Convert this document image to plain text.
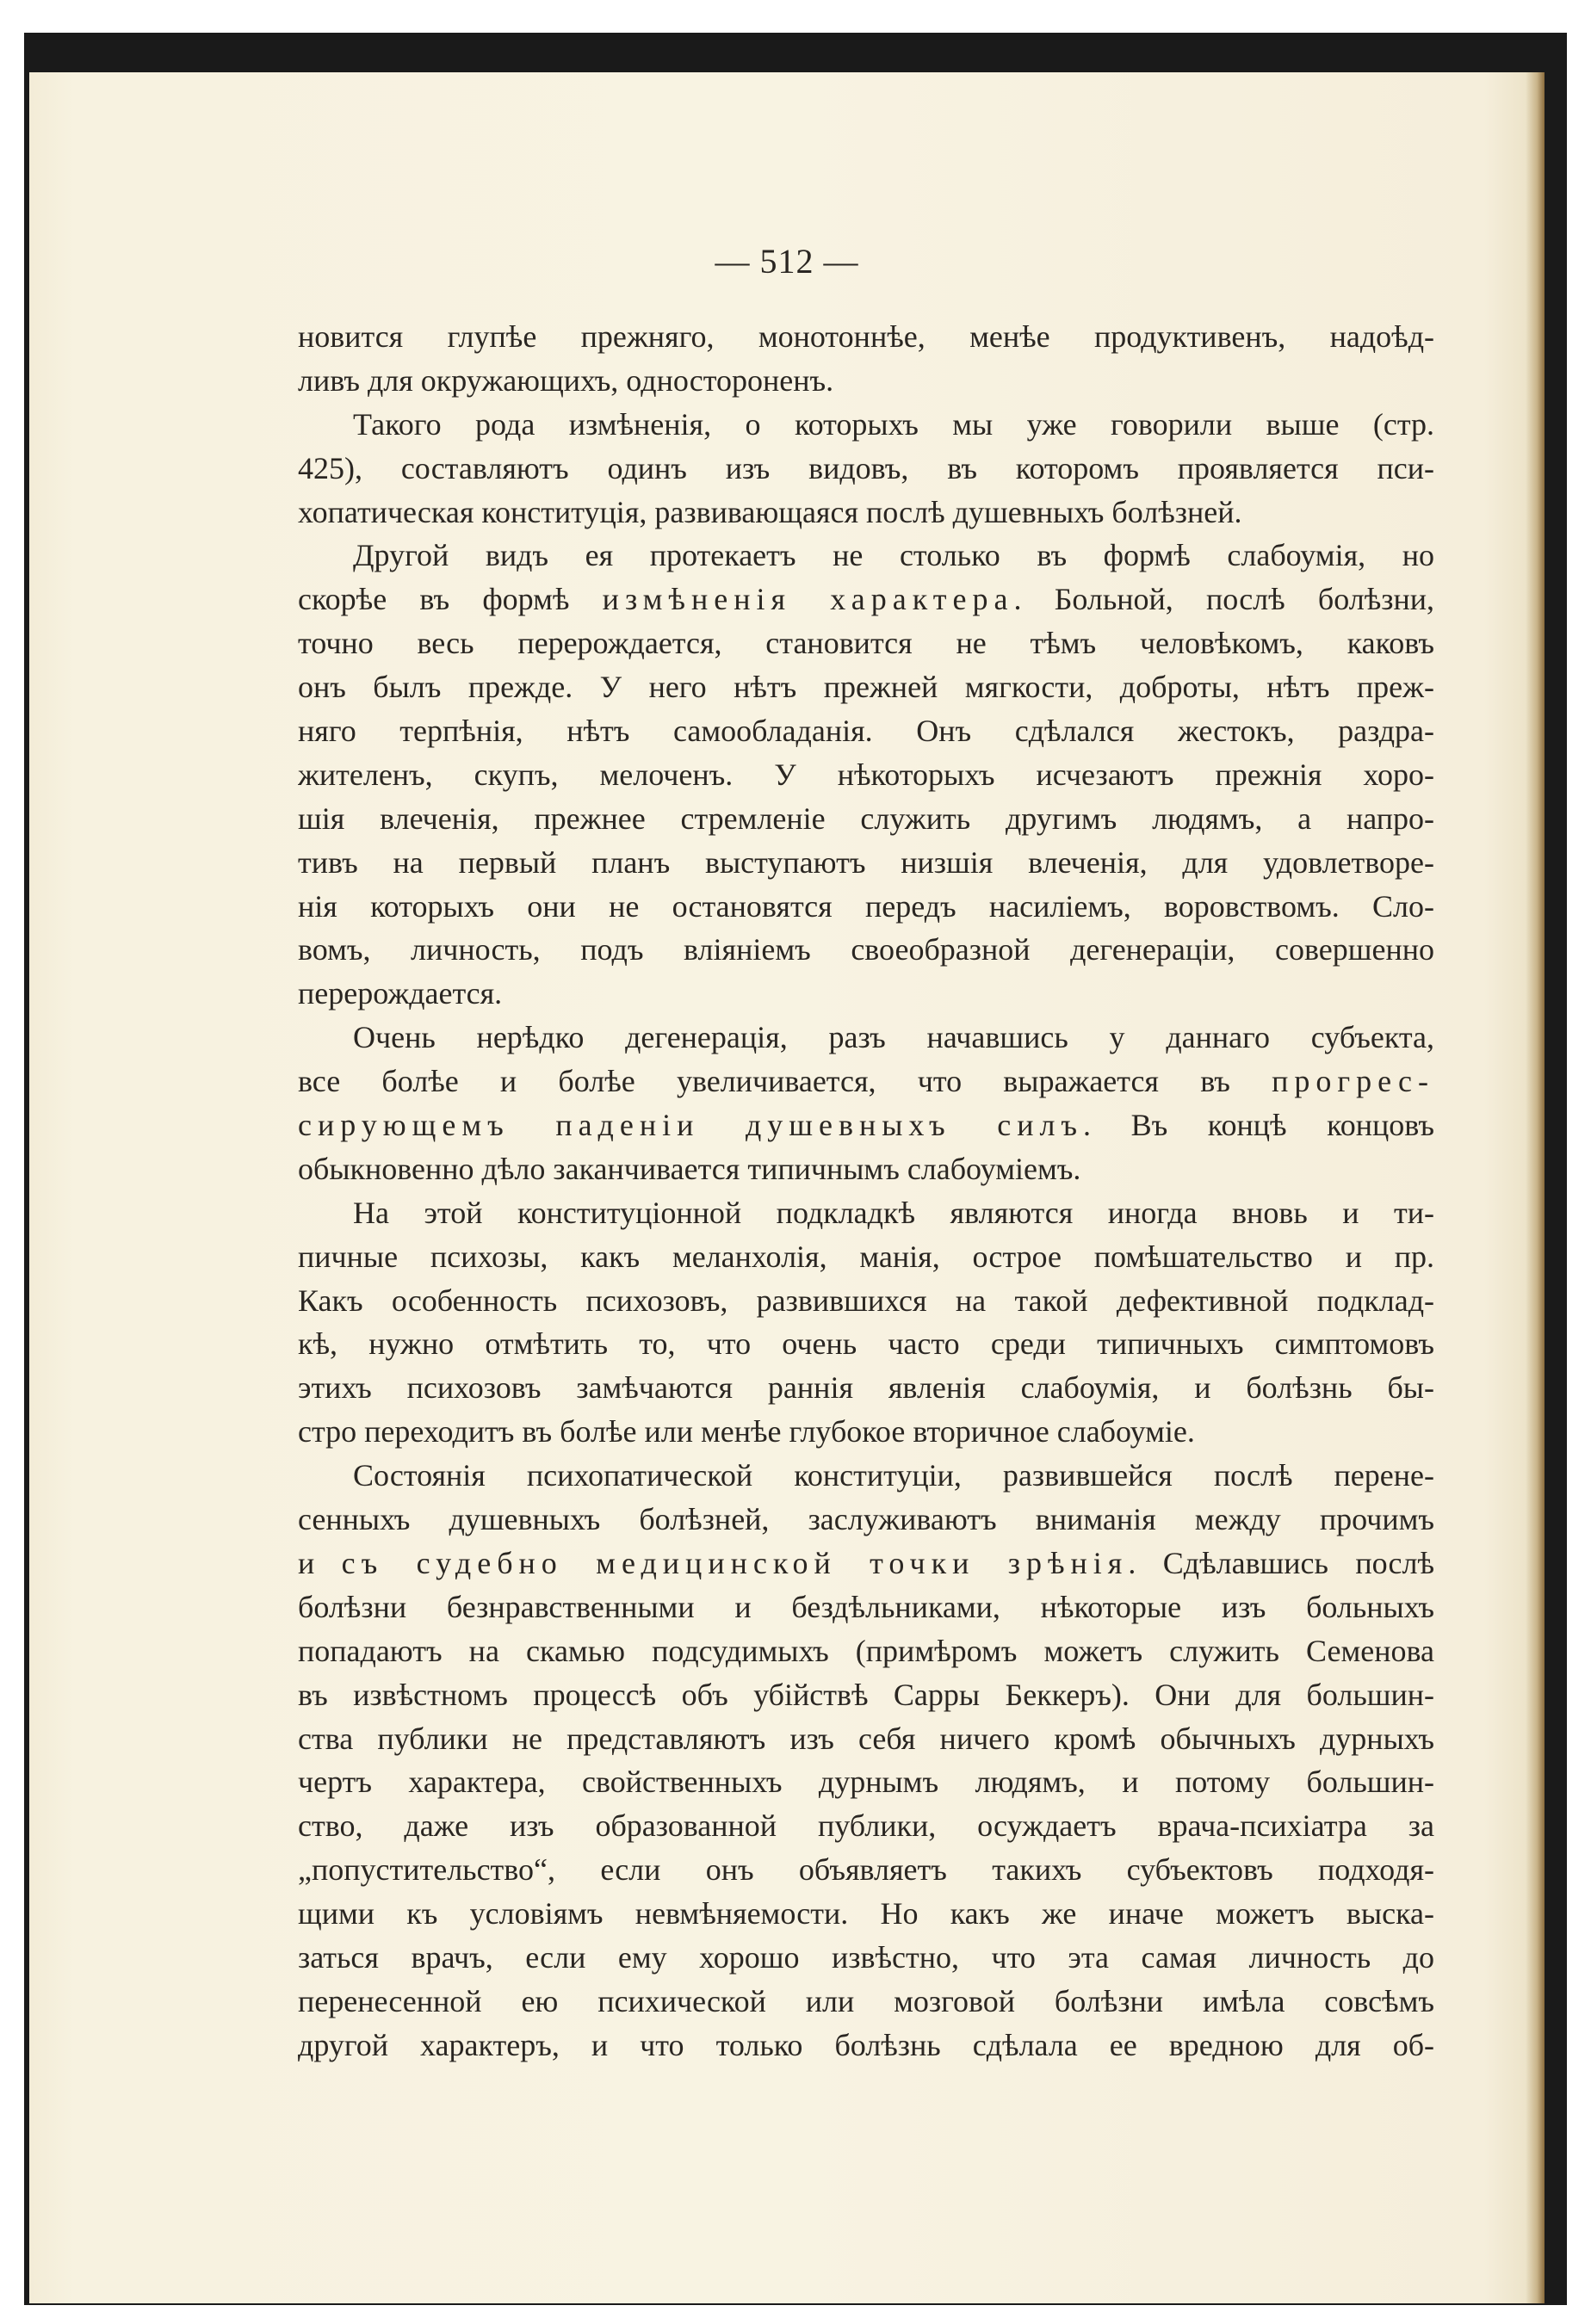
— 512 —
новится глупѣе прежняго, монотоннѣе, менѣе продуктивенъ, надоѣд-
ливъ для окружающихъ, одностороненъ.
Такого рода измѣненія, о которыхъ мы уже говорили выше (стр.
425), составляютъ одинъ изъ видовъ, въ которомъ проявляется пси-
хопатическая конституція, развивающаяся послѣ душевныхъ болѣзней.
Другой видъ ея протекаетъ не столько въ формѣ слабоумія, но
скорѣе въ формѣ измѣненія характера. Больной, послѣ болѣзни,
точно весь перерождается, становится не тѣмъ человѣкомъ, каковъ
онъ былъ прежде. У него нѣтъ прежней мягкости, доброты, нѣтъ преж-
няго терпѣнія, нѣтъ самообладанія. Онъ сдѣлался жестокъ, раздра-
жителенъ, скупъ, мелоченъ. У нѣкоторыхъ исчезаютъ прежнія хоро-
шія влеченія, прежнее стремленіе служить другимъ людямъ, а напро-
тивъ на первый планъ выступаютъ низшія влеченія, для удовлетворе-
нія которыхъ они не остановятся передъ насиліемъ, воровствомъ. Сло-
вомъ, личность, подъ вліяніемъ своеобразной дегенераціи, совершенно
перерождается.
Очень нерѣдко дегенерація, разъ начавшись у даннаго субъекта,
все болѣе и болѣе увеличивается, что выражается въ прогрес-
сирующемъ паденіи душевныхъ силъ. Въ концѣ концовъ
обыкновенно дѣло заканчивается типичнымъ слабоуміемъ.
На этой конституціонной подкладкѣ являются иногда вновь и ти-
пичные психозы, какъ меланхолія, манія, острое помѣшательство и пр.
Какъ особенность психозовъ, развившихся на такой дефективной подклад-
кѣ, нужно отмѣтить то, что очень часто среди типичныхъ симптомовъ
этихъ психозовъ замѣчаются раннія явленія слабоумія, и болѣзнь бы-
стро переходитъ въ болѣе или менѣе глубокое вторичное слабоуміе.
Состоянія психопатической конституціи, развившейся послѣ перене-
сенныхъ душевныхъ болѣзней, заслуживаютъ вниманія между прочимъ
и съ судебно медицинской точки зрѣнія. Сдѣлавшись послѣ
болѣзни безнравственными и бездѣльниками, нѣкоторые изъ больныхъ
попадаютъ на скамью подсудимыхъ (примѣромъ можетъ служить Семенова
въ извѣстномъ процессѣ объ убійствѣ Сарры Беккеръ). Они для большин-
ства публики не представляютъ изъ себя ничего кромѣ обычныхъ дурныхъ
чертъ характера, свойственныхъ дурнымъ людямъ, и потому большин-
ство, даже изъ образованной публики, осуждаетъ врача-психіатра за
„попустительство“, если онъ объявляетъ такихъ субъектовъ подходя-
щими къ условіямъ невмѣняемости. Но какъ же иначе можетъ выска-
заться врачъ, если ему хорошо извѣстно, что эта самая личность до
перенесенной ею психической или мозговой болѣзни имѣла совсѣмъ
другой характеръ, и что только болѣзнь сдѣлала ее вредною для об-
